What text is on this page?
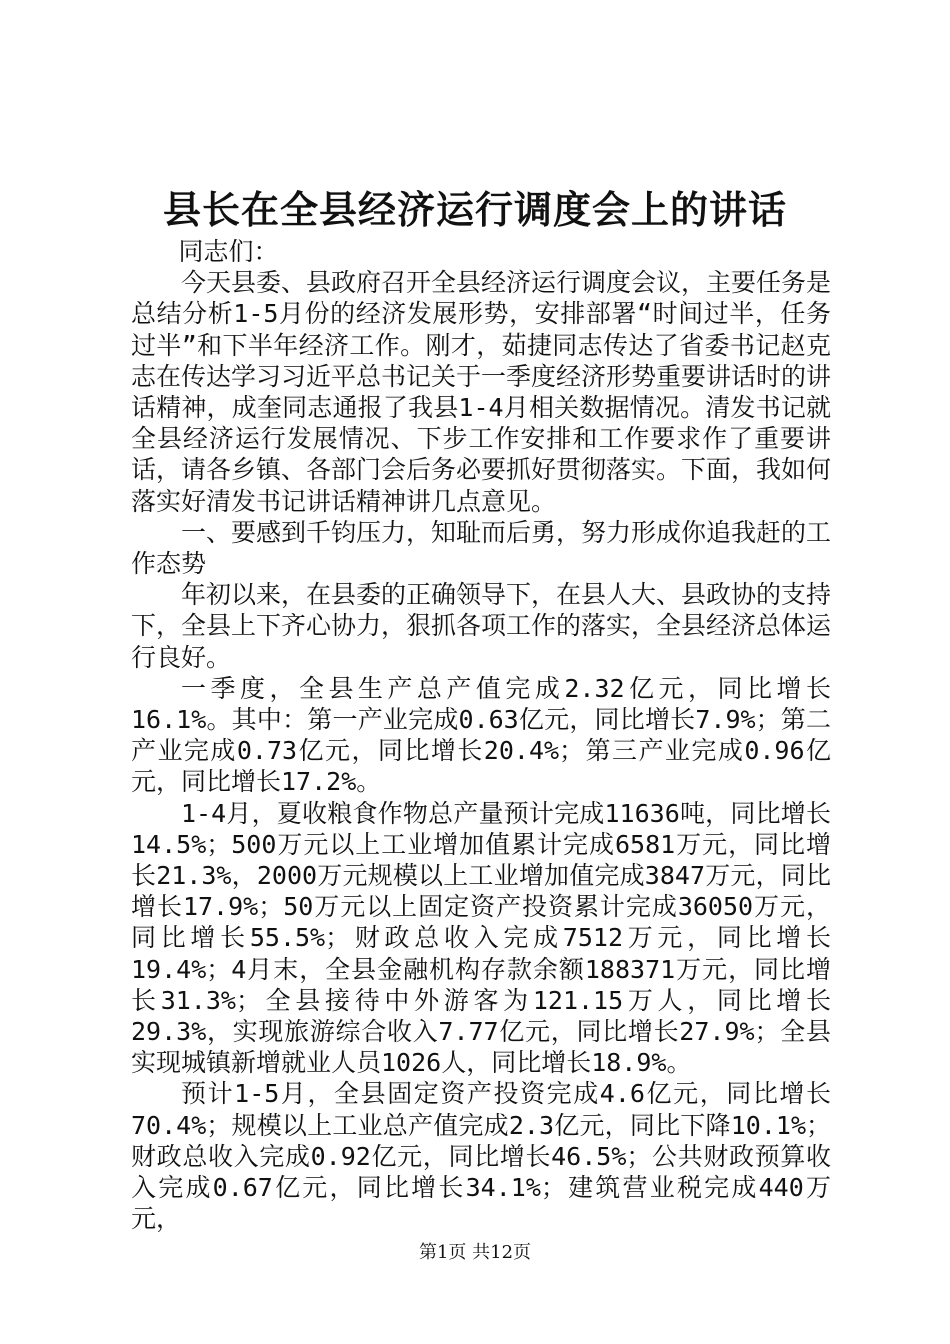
县长在全县经济运行调度会上的讲话

同志们：

今天县委、县政府召开全县经济运行调度会议，主要任务是总结分析1-5月份的经济发展形势，安排部署“时间过半，任务过半”和下半年经济工作。刚才，茹捷同志传达了省委书记赵克志在传达学习习近平总书记关于一季度经济形势重要讲话时的讲话精神，成奎同志通报了我县1-4月相关数据情况。清发书记就全县经济运行发展情况、下步工作安排和工作要求作了重要讲话，请各乡镇、各部门会后务必要抓好贯彻落实。下面，我如何落实好清发书记讲话精神讲几点意见。

一、要感到千钧压力，知耻而后勇，努力形成你追我赶的工作态势

年初以来，在县委的正确领导下，在县人大、县政协的支持下，全县上下齐心协力，狠抓各项工作的落实，全县经济总体运行良好。

一季度，全县生产总产值完成2.32亿元，同比增长16.1%。其中：第一产业完成0.63亿元，同比增长7.9%；第二产业完成0.73亿元，同比增长20.4%；第三产业完成0.96亿元，同比增长17.2%。

1-4月，夏收粮食作物总产量预计完成11636吨，同比增长14.5%；500万元以上工业增加值累计完成6581万元，同比增长21.3%，2000万元规模以上工业增加值完成3847万元，同比增长17.9%；50万元以上固定资产投资累计完成36050万元，同比增长55.5%；财政总收入完成7512万元，同比增长19.4%；4月末，全县金融机构存款余额188371万元，同比增长31.3%；全县接待中外游客为121.15万人，同比增长29.3%，实现旅游综合收入7.77亿元，同比增长27.9%；全县实现城镇新增就业人员1026人，同比增长18.9%。

预计1-5月，全县固定资产投资完成4.6亿元，同比增长70.4%；规模以上工业总产值完成2.3亿元，同比下降10.1%；财政总收入完成0.92亿元，同比增长46.5%；公共财政预算收入完成0.67亿元，同比增长34.1%；建筑营业税完成440万元，

第1页 共12页
